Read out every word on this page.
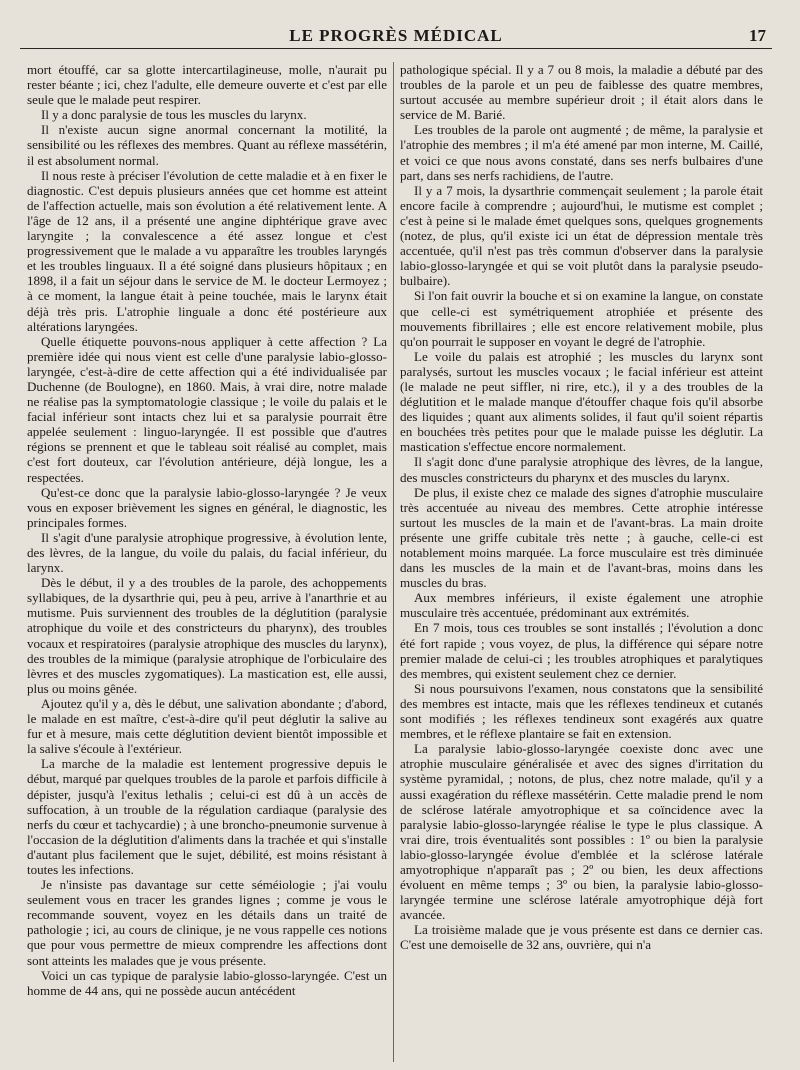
LE PROGRÈS MÉDICAL	17

mort étouffé, car sa glotte intercartilagineuse, molle, n'aurait pu rester béante ; ici, chez l'adulte, elle demeure ouverte et c'est par elle seule que le malade peut respirer.

Il y a donc paralysie de tous les muscles du larynx.

Il n'existe aucun signe anormal concernant la motilité, la sensibilité ou les réflexes des membres. Quant au réflexe massétérin, il est absolument normal.

Il nous reste à préciser l'évolution de cette maladie et à en fixer le diagnostic. C'est depuis plusieurs années que cet homme est atteint de l'affection actuelle, mais son évolution a été relativement lente. A l'âge de 12 ans, il a présenté une angine diphtérique grave avec laryngite ; la convalescence a été assez longue et c'est progressivement que le malade a vu apparaître les troubles laryngés et les troubles linguaux. Il a été soigné dans plusieurs hôpitaux ; en 1898, il a fait un séjour dans le service de M. le docteur Lermoyez ; à ce moment, la langue était à peine touchée, mais le larynx était déjà très pris. L'atrophie linguale a donc été postérieure aux altérations laryngées.

Quelle étiquette pouvons-nous appliquer à cette affection ? La première idée qui nous vient est celle d'une paralysie labio-glosso-laryngée, c'est-à-dire de cette affection qui a été individualisée par Duchenne (de Boulogne), en 1860. Mais, à vrai dire, notre malade ne réalise pas la symptomatologie classique ; le voile du palais et le facial inférieur sont intacts chez lui et sa paralysie pourrait être appelée seulement : linguo-laryngée. Il est possible que d'autres régions se prennent et que le tableau soit réalisé au complet, mais c'est fort douteux, car l'évolution antérieure, déjà longue, les a respectées.

Qu'est-ce donc que la paralysie labio-glosso-laryngée ? Je veux vous en exposer brièvement les signes en général, le diagnostic, les principales formes.

Il s'agit d'une paralysie atrophique progressive, à évolution lente, des lèvres, de la langue, du voile du palais, du facial inférieur, du larynx.

Dès le début, il y a des troubles de la parole, des achoppements syllabiques, de la dysarthrie qui, peu à peu, arrive à l'anarthrie et au mutisme. Puis surviennent des troubles de la déglutition (paralysie atrophique du voile et des constricteurs du pharynx), des troubles vocaux et respiratoires (paralysie atrophique des muscles du larynx), des troubles de la mimique (paralysie atrophique de l'orbiculaire des lèvres et des muscles zygomatiques). La mastication est, elle aussi, plus ou moins gênée.

Ajoutez qu'il y a, dès le début, une salivation abondante ; d'abord, le malade en est maître, c'est-à-dire qu'il peut déglutir la salive au fur et à mesure, mais cette déglutition devient bientôt impossible et la salive s'écoule à l'extérieur.

La marche de la maladie est lentement progressive depuis le début, marqué par quelques troubles de la parole et parfois difficile à dépister, jusqu'à l'exitus lethalis ; celui-ci est dû à un accès de suffocation, à un trouble de la régulation cardiaque (paralysie des nerfs du cœur et tachycardie) ; à une broncho-pneumonie survenue à l'occasion de la déglutition d'aliments dans la trachée et qui s'installe d'autant plus facilement que le sujet, débilité, est moins résistant à toutes les infections.

Je n'insiste pas davantage sur cette séméiologie ; j'ai voulu seulement vous en tracer les grandes lignes ; comme je vous le recommande souvent, voyez en les détails dans un traité de pathologie ; ici, au cours de clinique, je ne vous rappelle ces notions que pour vous permettre de mieux comprendre les affections dont sont atteints les malades que je vous présente.

Voici un cas typique de paralysie labio-glosso-laryngée. C'est un homme de 44 ans, qui ne possède aucun antécédent

pathologique spécial. Il y a 7 ou 8 mois, la maladie a débuté par des troubles de la parole et un peu de faiblesse des quatre membres, surtout accusée au membre supérieur droit ; il était alors dans le service de M. Barié.

Les troubles de la parole ont augmenté ; de même, la paralysie et l'atrophie des membres ; il m'a été amené par mon interne, M. Caillé, et voici ce que nous avons constaté, dans ses nerfs bulbaires d'une part, dans ses nerfs rachidiens, de l'autre.

Il y a 7 mois, la dysarthrie commençait seulement ; la parole était encore facile à comprendre ; aujourd'hui, le mutisme est complet ; c'est à peine si le malade émet quelques sons, quelques grognements (notez, de plus, qu'il existe ici un état de dépression mentale très accentuée, qu'il n'est pas très commun d'observer dans la paralysie labio-glosso-laryngée et qui se voit plutôt dans la paralysie pseudo-bulbaire).

Si l'on fait ouvrir la bouche et si on examine la langue, on constate que celle-ci est symétriquement atrophiée et présente des mouvements fibrillaires ; elle est encore relativement mobile, plus qu'on pourrait le supposer en voyant le degré de l'atrophie.

Le voile du palais est atrophié ; les muscles du larynx sont paralysés, surtout les muscles vocaux ; le facial inférieur est atteint (le malade ne peut siffler, ni rire, etc.), il y a des troubles de la déglutition et le malade manque d'étouffer chaque fois qu'il absorbe des liquides ; quant aux aliments solides, il faut qu'il soient répartis en bouchées très petites pour que le malade puisse les déglutir. La mastication s'effectue encore normalement.

Il s'agit donc d'une paralysie atrophique des lèvres, de la langue, des muscles constricteurs du pharynx et des muscles du larynx.

De plus, il existe chez ce malade des signes d'atrophie musculaire très accentuée au niveau des membres. Cette atrophie intéresse surtout les muscles de la main et de l'avant-bras. La main droite présente une griffe cubitale très nette ; à gauche, celle-ci est notablement moins marquée. La force musculaire est très diminuée dans les muscles de la main et de l'avant-bras, moins dans les muscles du bras.

Aux membres inférieurs, il existe également une atrophie musculaire très accentuée, prédominant aux extrémités.

En 7 mois, tous ces troubles se sont installés ; l'évolution a donc été fort rapide ; vous voyez, de plus, la différence qui sépare notre premier malade de celui-ci ; les troubles atrophiques et paralytiques des membres, qui existent seulement chez ce dernier.

Si nous poursuivons l'examen, nous constatons que la sensibilité des membres est intacte, mais que les réflexes tendineux et cutanés sont modifiés ; les réflexes tendineux sont exagérés aux quatre membres, et le réflexe plantaire se fait en extension.

La paralysie labio-glosso-laryngée coexiste donc avec une atrophie musculaire généralisée et avec des signes d'irritation du système pyramidal, ; notons, de plus, chez notre malade, qu'il y a aussi exagération du réflexe massétérin. Cette maladie prend le nom de sclérose latérale amyotrophique et sa coïncidence avec la paralysie labio-glosso-laryngée réalise le type le plus classique. A vrai dire, trois éventualités sont possibles : 1º ou bien la paralysie labio-glosso-laryngée évolue d'emblée et la sclérose latérale amyotrophique n'apparaît pas ; 2º ou bien, les deux affections évoluent en même temps ; 3º ou bien, la paralysie labio-glosso-laryngée termine une sclérose latérale amyotrophique déjà fort avancée.

La troisième malade que je vous présente est dans ce dernier cas. C'est une demoiselle de 32 ans, ouvrière, qui n'a
